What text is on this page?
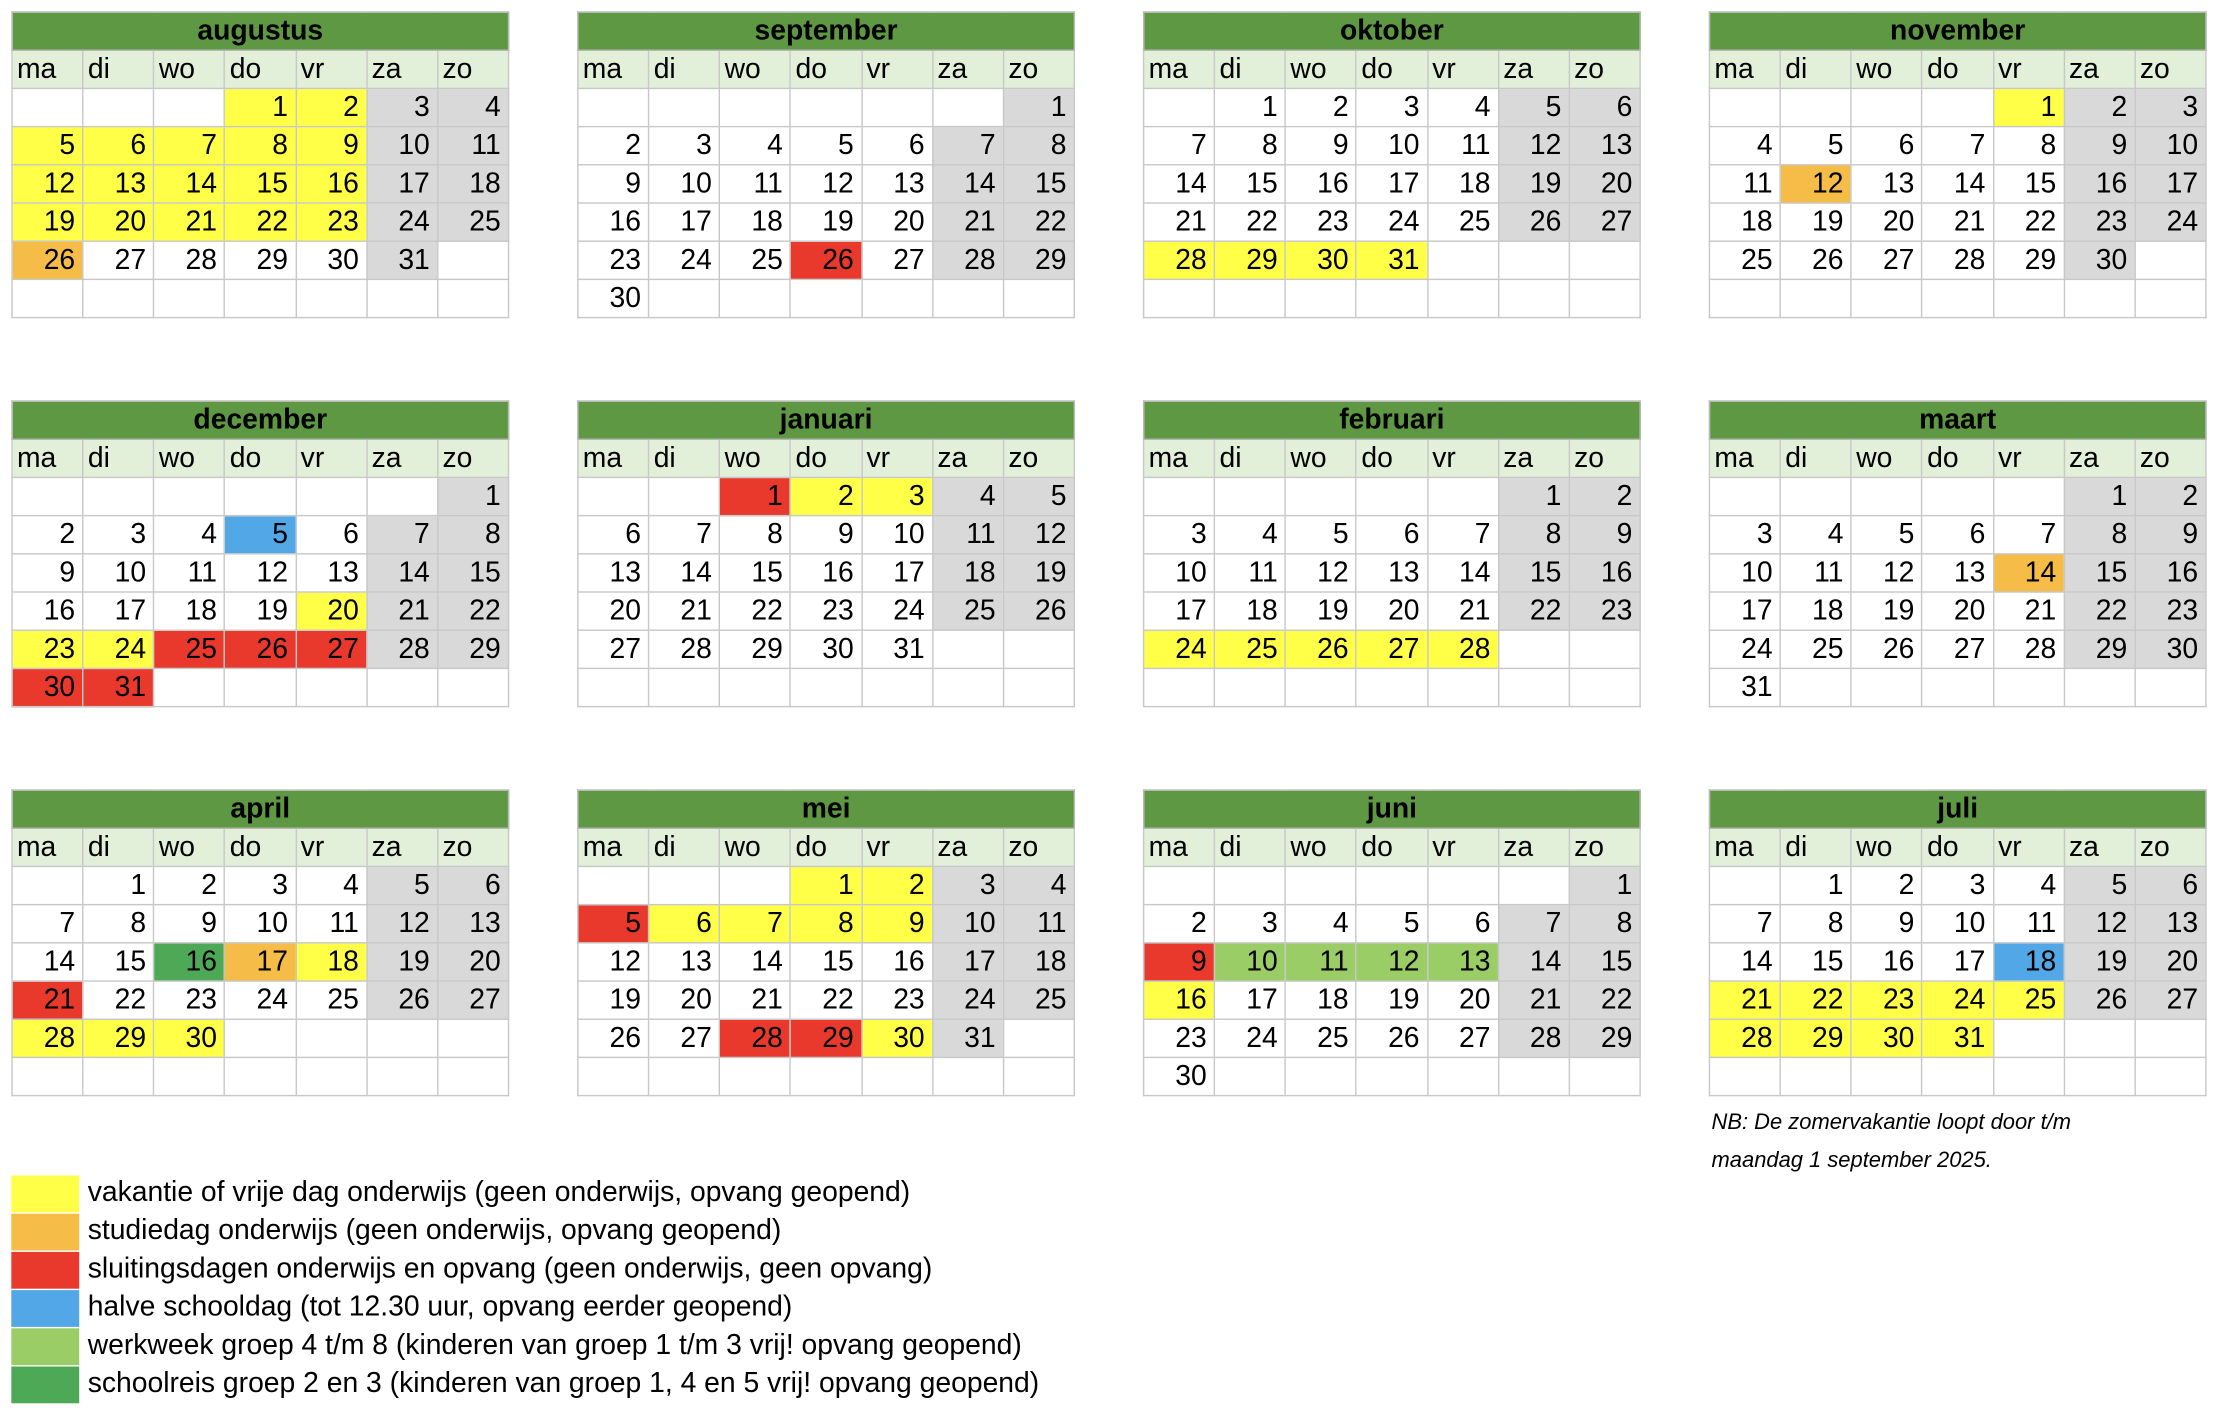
augustus						
ma	di	wo	do	vr	za	zo
			1	2	3	4
5	6	7	8	9	10	11
12	13	14	15	16	17	18
19	20	21	22	23	24	25
26	27	28	29	30	31	

september						
ma	di	wo	do	vr	za	zo
						1
2	3	4	5	6	7	8
9	10	11	12	13	14	15
16	17	18	19	20	21	22
23	24	25	26	27	28	29
30						
oktober						
ma	di	wo	do	vr	za	zo
	1	2	3	4	5	6
7	8	9	10	11	12	13
14	15	16	17	18	19	20
21	22	23	24	25	26	27
28	29	30	31			

november						
ma	di	wo	do	vr	za	zo
				1	2	3
4	5	6	7	8	9	10
11	12	13	14	15	16	17
18	19	20	21	22	23	24
25	26	27	28	29	30	

december						
ma	di	wo	do	vr	za	zo
						1
2	3	4	5	6	7	8
9	10	11	12	13	14	15
16	17	18	19	20	21	22
23	24	25	26	27	28	29
30	31					
januari						
ma	di	wo	do	vr	za	zo
		1	2	3	4	5
6	7	8	9	10	11	12
13	14	15	16	17	18	19
20	21	22	23	24	25	26
27	28	29	30	31		

februari						
ma	di	wo	do	vr	za	zo
					1	2
3	4	5	6	7	8	9
10	11	12	13	14	15	16
17	18	19	20	21	22	23
24	25	26	27	28		

maart						
ma	di	wo	do	vr	za	zo
					1	2
3	4	5	6	7	8	9
10	11	12	13	14	15	16
17	18	19	20	21	22	23
24	25	26	27	28	29	30
31						
april						
ma	di	wo	do	vr	za	zo
	1	2	3	4	5	6
7	8	9	10	11	12	13
14	15	16	17	18	19	20
21	22	23	24	25	26	27
28	29	30				

mei						
ma	di	wo	do	vr	za	zo
			1	2	3	4
5	6	7	8	9	10	11
12	13	14	15	16	17	18
19	20	21	22	23	24	25
26	27	28	29	30	31	

juni						
ma	di	wo	do	vr	za	zo
						1
2	3	4	5	6	7	8
9	10	11	12	13	14	15
16	17	18	19	20	21	22
23	24	25	26	27	28	29
30						
juli						
ma	di	wo	do	vr	za	zo
	1	2	3	4	5	6
7	8	9	10	11	12	13
14	15	16	17	18	19	20
21	22	23	24	25	26	27
28	29	30	31			

NB: De zomervakantie loopt door t/m
maandag 1 september 2025.
vakantie of vrije dag onderwijs (geen onderwijs, opvang geopend)
studiedag onderwijs (geen onderwijs, opvang geopend)
sluitingsdagen onderwijs en opvang (geen onderwijs, geen opvang)
halve schooldag (tot 12.30 uur, opvang eerder geopend)
werkweek groep 4 t/m 8 (kinderen van groep 1 t/m 3 vrij! opvang geopend)
schoolreis groep 2 en 3 (kinderen van groep 1, 4 en 5 vrij! opvang geopend)
